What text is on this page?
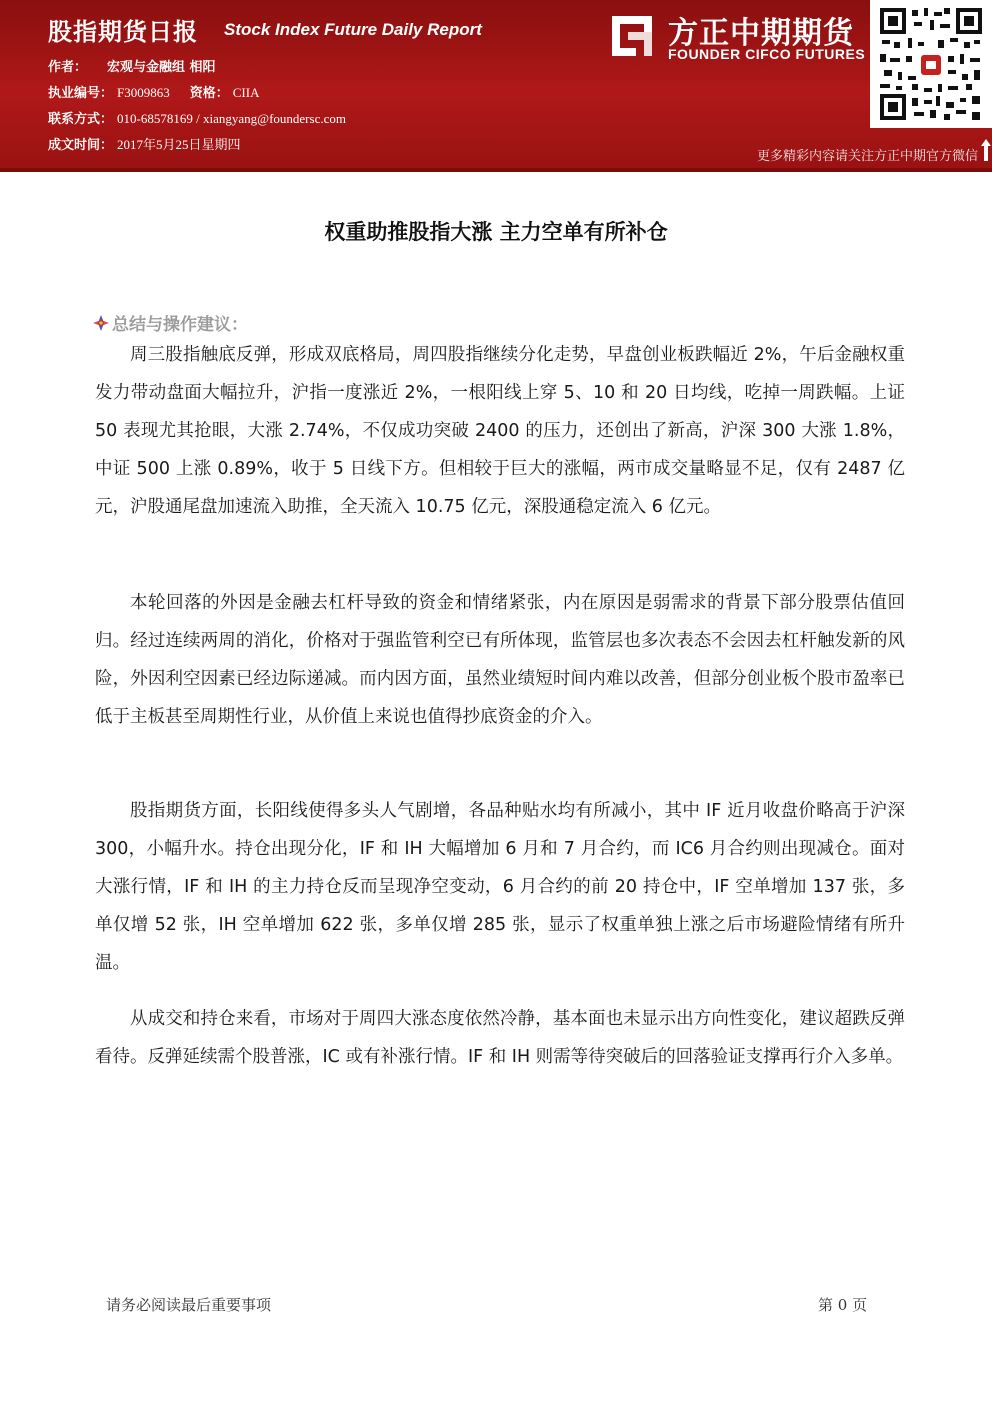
股指期货日报 Stock Index Future Daily Report
作者： 宏观与金融组 相阳
执业编号： F3009863 资格： CIIA
联系方式： 010-68578169 / xiangyang@foundersc.com
成文时间： 2017年5月25日星期四
方正中期期货
FOUNDER CIFCO FUTURES
更多精彩内容请关注方正中期官方微信
权重助推股指大涨 主力空单有所补仓
总结与操作建议：
周三股指触底反弹，形成双底格局，周四股指继续分化走势，早盘创业板跌幅近 2%，午后金融权重发力带动盘面大幅拉升，沪指一度涨近 2%，一根阳线上穿 5、10 和 20 日均线，吃掉一周跌幅。上证 50 表现尤其抢眼，大涨 2.74%，不仅成功突破 2400 的压力，还创出了新高，沪深 300 大涨 1.8%，中证 500 上涨 0.89%，收于 5 日线下方。但相较于巨大的涨幅，两市成交量略显不足，仅有 2487 亿元，沪股通尾盘加速流入助推，全天流入 10.75 亿元，深股通稳定流入 6 亿元。
本轮回落的外因是金融去杠杆导致的资金和情绪紧张，内在原因是弱需求的背景下部分股票估值回归。经过连续两周的消化，价格对于强监管利空已有所体现，监管层也多次表态不会因去杠杆触发新的风险，外因利空因素已经边际递减。而内因方面，虽然业绩短时间内难以改善，但部分创业板个股市盈率已低于主板甚至周期性行业，从价值上来说也值得抄底资金的介入。
股指期货方面，长阳线使得多头人气剧增，各品种贴水均有所减小，其中 IF 近月收盘价略高于沪深 300，小幅升水。持仓出现分化，IF 和 IH 大幅增加 6 月和 7 月合约，而 IC6 月合约则出现减仓。面对大涨行情，IF 和 IH 的主力持仓反而呈现净空变动，6 月合约的前 20 持仓中，IF 空单增加 137 张，多单仅增 52 张，IH 空单增加 622 张，多单仅增 285 张，显示了权重单独上涨之后市场避险情绪有所升温。
从成交和持仓来看，市场对于周四大涨态度依然冷静，基本面也未显示出方向性变化，建议超跌反弹看待。反弹延续需个股普涨，IC 或有补涨行情。IF 和 IH 则需等待突破后的回落验证支撑再行介入多单。
请务必阅读最后重要事项	第 0 页
